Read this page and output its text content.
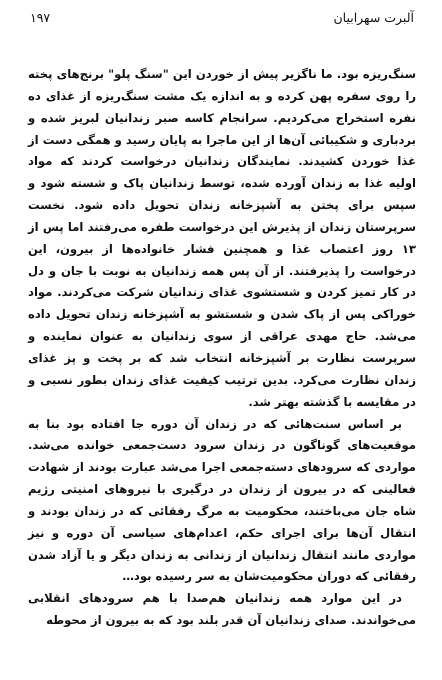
آلبرت سهرابیان
۱۹۷

سنگ‌ریزه بود. ما ناگزیر پیش از خوردن این "سنگ پلو" برنج‌های پخته را روی سفره پهن کرده و به اندازه یک مشت سنگ‌ریزه از غذای ده نفره استخراج می‌کردیم. سرانجام کاسه صبر زندانیان لبریز شده و بردباری و شکیبائی آن‌ها از این ماجرا به پایان رسید و همگی دست از غذا خوردن کشیدند. نمایندگان زندانیان درخواست کردند که مواد اولیه غذا به زندان آورده شده، توسط زندانیان پاک و شسته شود و سپس برای پختن به آشپزخانه زندان تحویل داده شود. نخست سرپرستان زندان از پذیرش این درخواست طفره می‌رفتند اما پس از ۱۳ روز اعتصاب غذا و همچنین فشار خانواده‌ها از بیرون، این درخواست را پذیرفتند. از آن پس همه زندانیان به نوبت با جان و دل در کار تمیز کردن و شستشوی غذای زندانیان شرکت می‌کردند. مواد خوراکی پس از پاک شدن و شستشو به آشپزخانه زندان تحویل داده می‌شد. حاج مهدی عراقی از سوی زندانیان به عنوان نماینده و سرپرست نظارت بر آشپزخانه انتخاب شد که بر پخت و پز غذای زندان نظارت می‌کرد. بدین ترتیب کیفیت غذای زندان بطور نسبی و در مقایسه با گذشته بهتر شد.

بر اساس سنت‌هائی که در زندان آن دوره جا افتاده بود بنا به موقعیت‌های گوناگون در زندان سرود دست‌جمعی خوانده می‌شد. مواردی که سرودهای دسته‌جمعی اجرا می‌شد عبارت بودند از شهادت فعالینی که در بیرون از زندان در درگیری با نیروهای امنیتی رژیم شاه جان می‌باختند، محکومیت به مرگ رفقائی که در زندان بودند و انتقال آن‌ها برای اجرای حکم، اعدام‌های سیاسی آن دوره و نیز مواردی مانند انتقال زندانیان از زندانی به زندان دیگر و یا آزاد شدن رفقائی که دوران محکومیت‌شان به سر رسیده بود…

در این موارد همه زندانیان هم‌صدا با هم سرودهای انقلابی می‌خواندند. صدای زندانیان آن قدر بلند بود که به بیرون از محوطه
